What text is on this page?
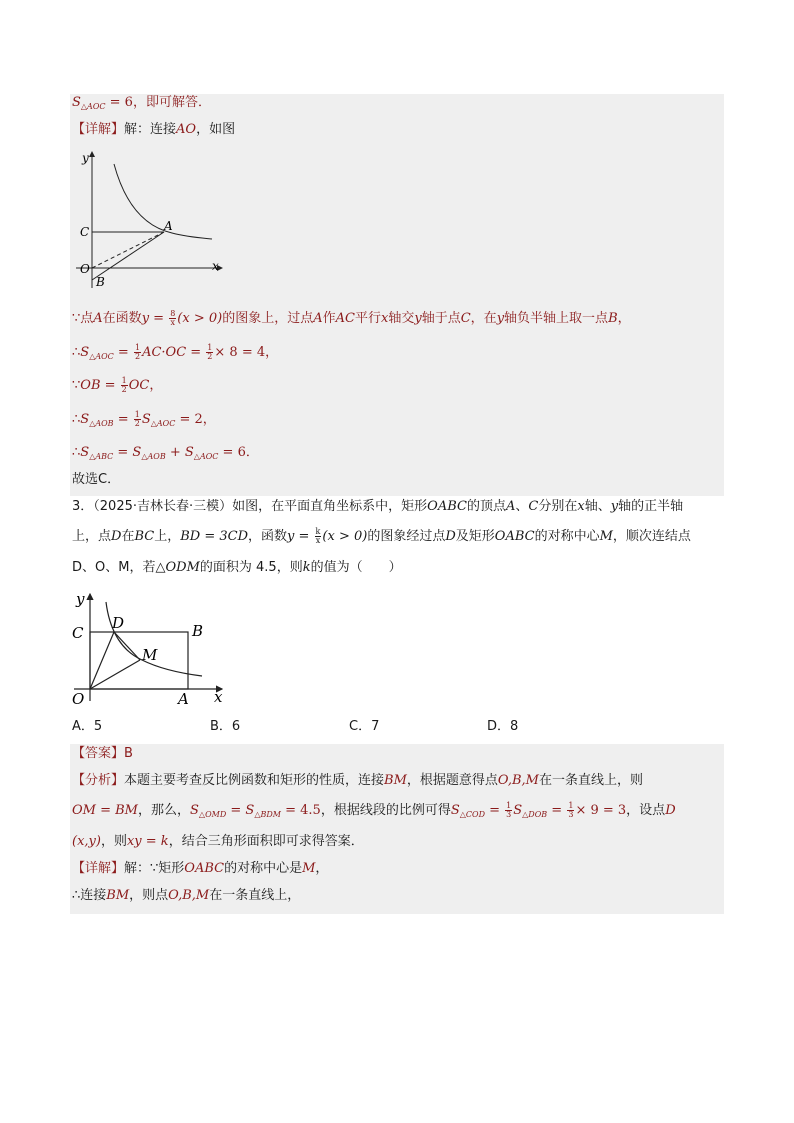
$S_{\triangle AOC} = 6$，即可解答．
【详解】解：连接AO，如图
y
x
C	A
O
B
∵点A在函数$y = \frac{8}{x} (x > 0)$的图象上，过点A作AC平行x轴交y轴于点C，在y轴负半轴上取一点B，
$\therefore S_{\triangle AOC} = \frac{1}{2} AC\cdot OC = \frac{1}{2} \times 8 = 4$，
∵OB = $\frac{1}{2}$ OC，
$\therefore S_{\triangle AOB} = \frac{1}{2} S_{\triangle AOC} = 2$，
$\therefore S_{\triangle ABC} = S_{\triangle AOB} + S_{\triangle AOC} = 6$．
故选C．
3．（2025·吉林长春·三模）如图，在平面直角坐标系中，矩形OABC的顶点A、C分别在x轴、y轴的正半轴
上，点D在BC上，BD = 3CD，函数$y = \frac{k}{x} (x > 0)$的图象经过点D及矩形OABC的对称中心M，顺次连结点
D、O、M，若△ODM的面积为 4.5，则k的值为（　　）
y
x
C
D	B
M
O	A
A．5	B．6	C．7	D．8
【答案】B
【分析】本题主要考查反比例函数和矩形的性质，连接BM，根据题意得点O,B,M在一条直线上，则
OM = BM，那么，$S_{\triangle OMD} = S_{\triangle BDM} = 4.5$，根据线段的比例可得$S_{\triangle COD} = \frac{1}{3} S_{\triangle DOB} = \frac{1}{3} \times 9 = 3$，设点D
(x,y)，则xy = k，结合三角形面积即可求得答案．
【详解】解：∵矩形OABC的对称中心是M，
∴连接BM，则点O,B,M在一条直线上，
